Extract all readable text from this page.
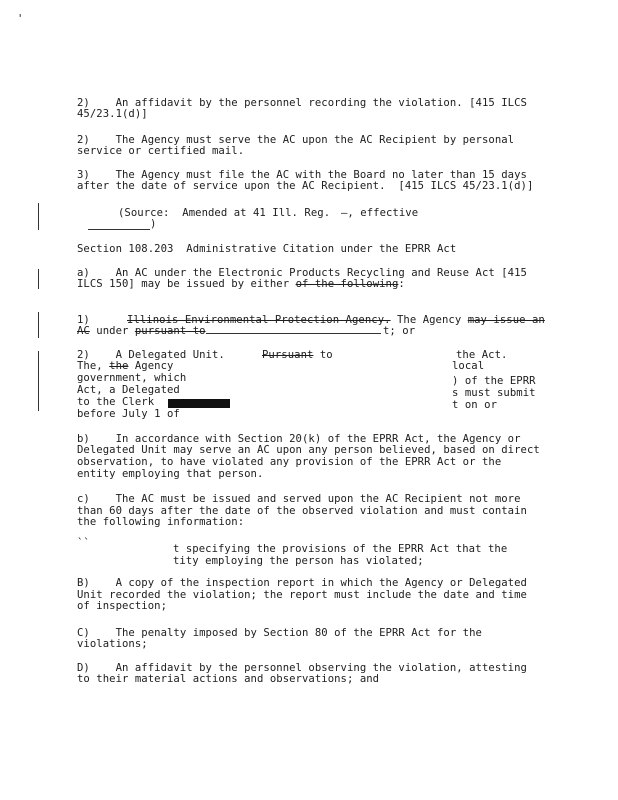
'
2)    An affidavit by the personnel recording the violation. [415 ILCS
45/23.1(d)]
2)    The Agency must serve the AC upon the AC Recipient by personal
service or certified mail.
3)    The Agency must file the AC with the Board no later than 15 days
after the date of service upon the AC Recipient.  [415 ILCS 45/23.1(d)]
(Source:  Amended at 41 Ill. Reg. —, effective
)
Section 108.203  Administrative Citation under the EPRR Act
a)    An AC under the Electronic Products Recycling and Reuse Act [415
ILCS 150] may be issued by either of the following:
1)	Illinois Environmental Protection Agency. The Agency may issue an
AC under pursuant to	t; or
2)    A Delegated Unit.	Pursuant to	the Act.
The, the Agency	local
government, which	) of the EPRR
Act, a Delegated	s must submit
to the Clerk	t on or
before July 1 of
b)    In accordance with Section 20(k) of the EPRR Act, the Agency or
Delegated Unit may serve an AC upon any person believed, based on direct
observation, to have violated any provision of the EPRR Act or the
entity employing that person.
c)    The AC must be issued and served upon the AC Recipient not more
than 60 days after the date of the observed violation and must contain
the following information:
``	t specifying the provisions of the EPRR Act that the
tity employing the person has violated;
B)    A copy of the inspection report in which the Agency or Delegated
Unit recorded the violation; the report must include the date and time
of inspection;
C)    The penalty imposed by Section 80 of the EPRR Act for the
violations;
D)    An affidavit by the personnel observing the violation, attesting
to their material actions and observations; and
